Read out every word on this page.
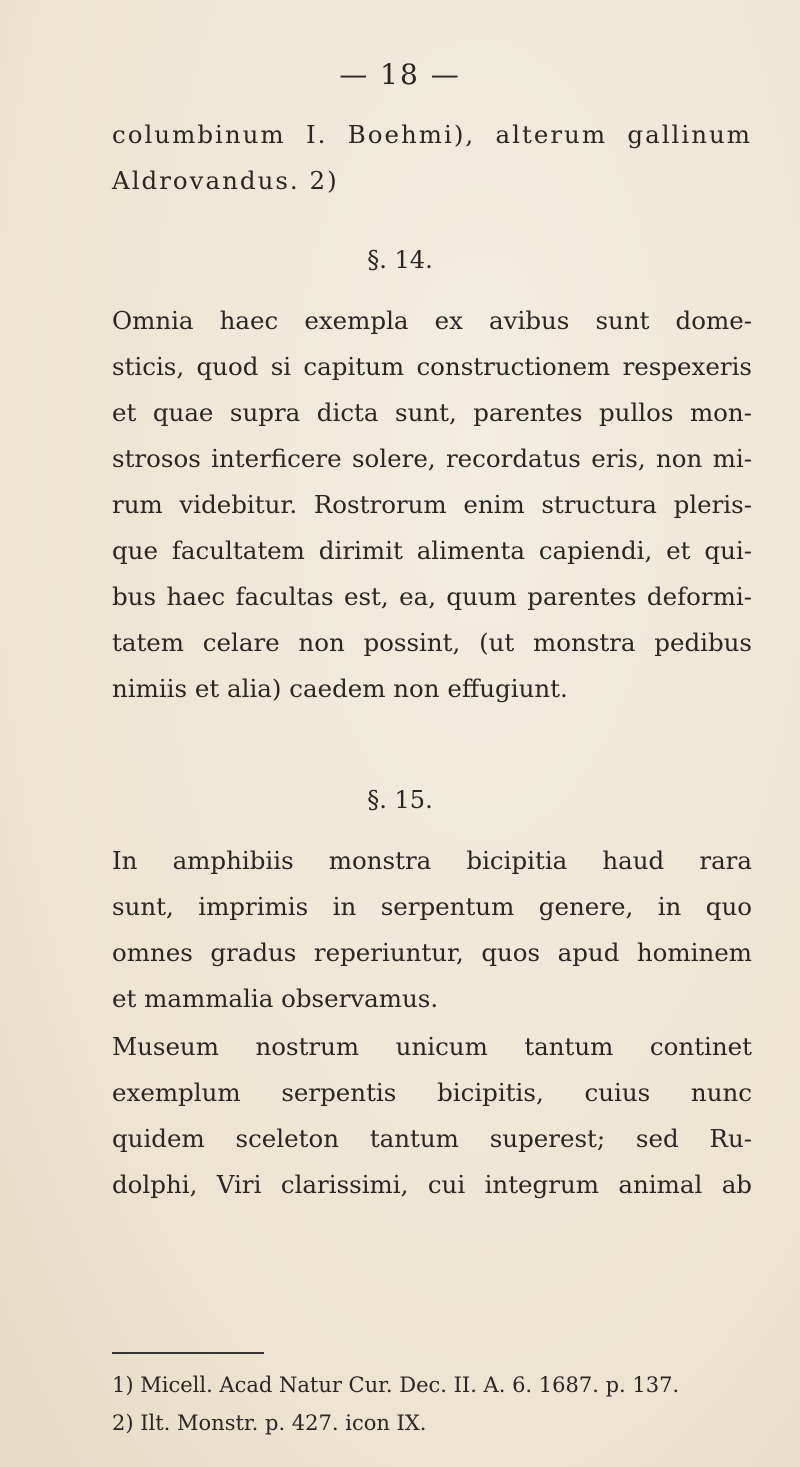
— 18 —
columbinum I. Boehmi), alterum gallinum
Aldrovandus. 2)
§. 14.
Omnia haec exempla ex avibus sunt dome-
sticis, quod si capitum constructionem respexeris
et quae supra dicta sunt, parentes pullos mon-
strosos interficere solere, recordatus eris, non mi-
rum videbitur. Rostrorum enim structura pleris-
que facultatem dirimit alimenta capiendi, et qui-
bus haec facultas est, ea, quum parentes deformi-
tatem celare non possint, (ut monstra pedibus
nimiis et alia) caedem non effugiunt.
§. 15.
In amphibiis monstra bicipitia haud rara
sunt, imprimis in serpentum genere, in quo
omnes gradus reperiuntur, quos apud hominem
et mammalia observamus.
Museum nostrum unicum tantum continet
exemplum serpentis bicipitis, cuius nunc
quidem sceleton tantum superest; sed Ru-
dolphi, Viri clarissimi, cui integrum animal ab
1) Micell. Acad Natur Cur. Dec. II. A. 6. 1687. p. 137.
2) Ilt. Monstr. p. 427. icon IX.
